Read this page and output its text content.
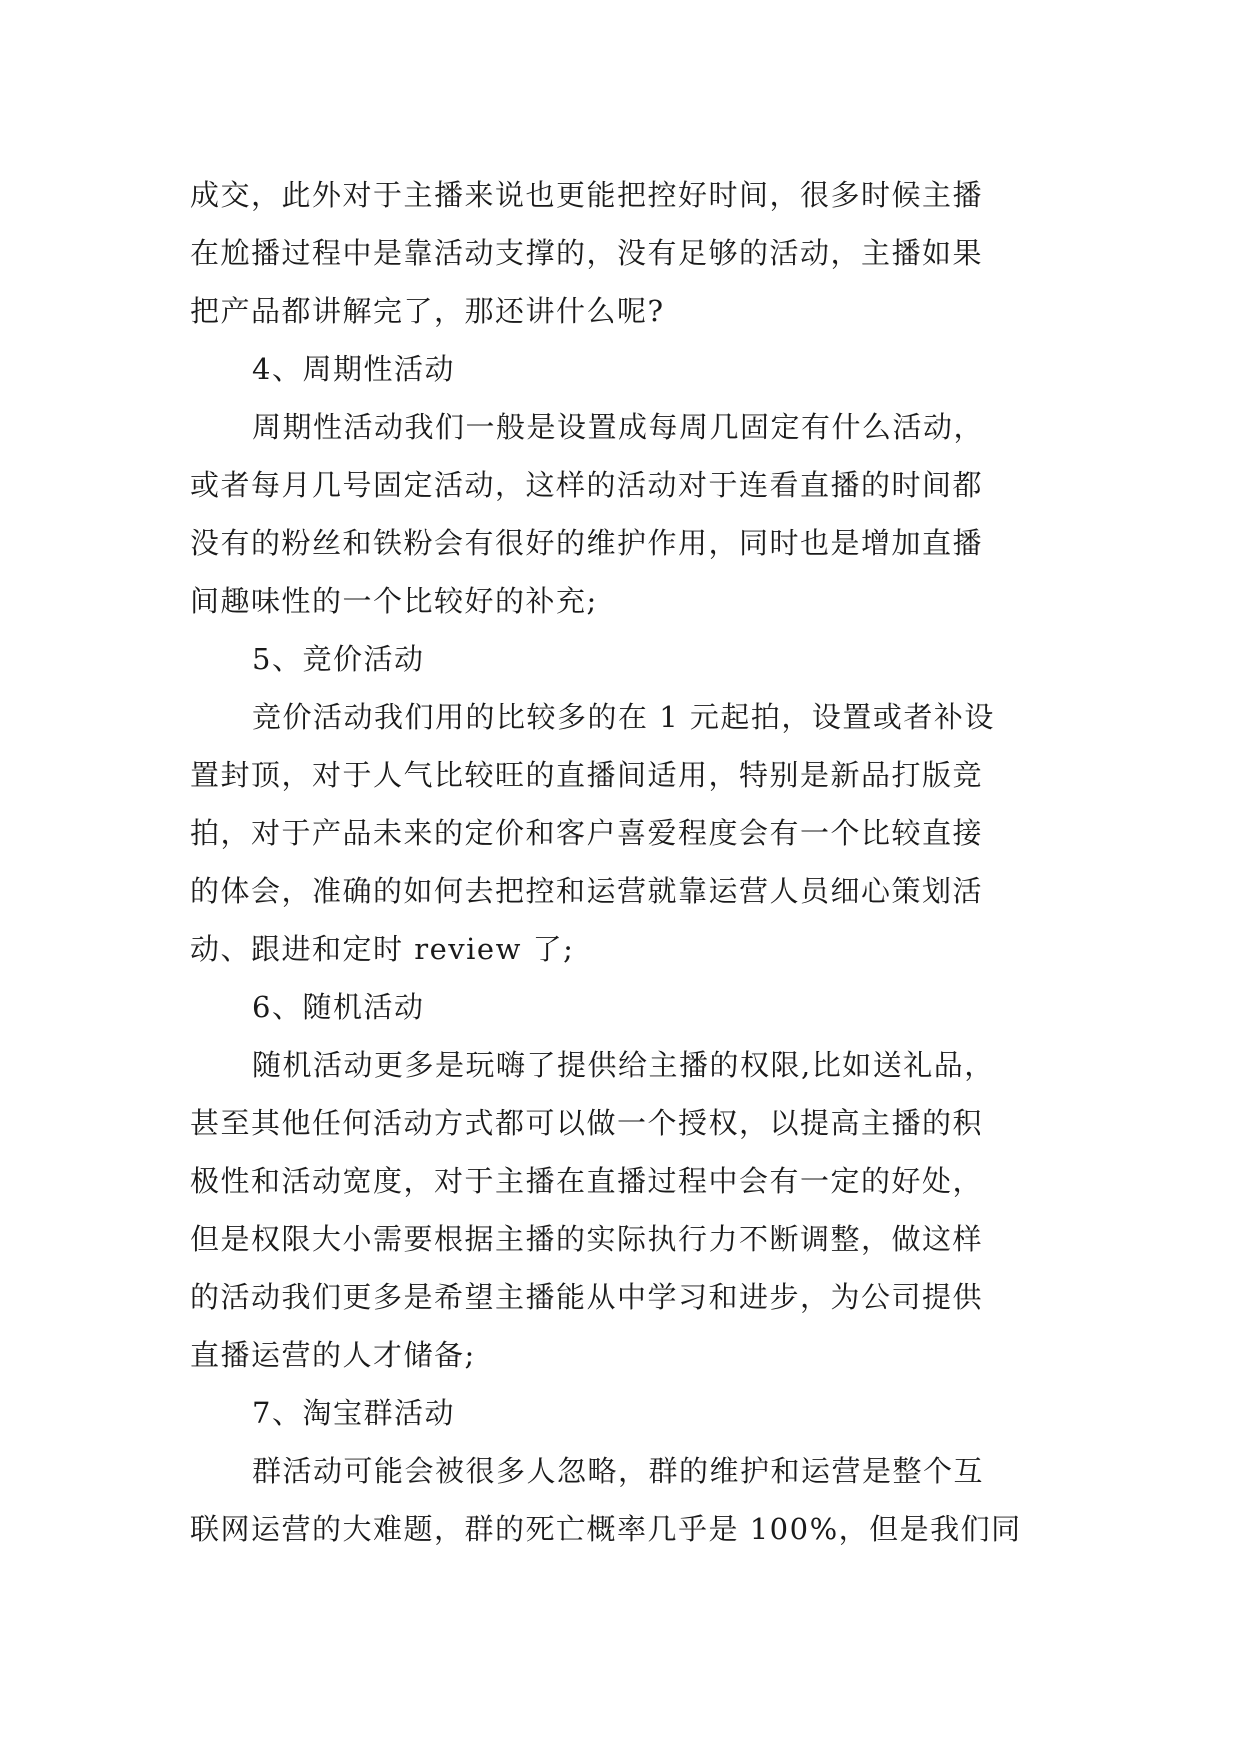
成交，此外对于主播来说也更能把控好时间，很多时候主播
在尬播过程中是靠活动支撑的，没有足够的活动，主播如果
把产品都讲解完了，那还讲什么呢?
4、周期性活动
周期性活动我们一般是设置成每周几固定有什么活动，
或者每月几号固定活动，这样的活动对于连看直播的时间都
没有的粉丝和铁粉会有很好的维护作用，同时也是增加直播
间趣味性的一个比较好的补充;
5、竞价活动
竞价活动我们用的比较多的在 1 元起拍，设置或者补设
置封顶，对于人气比较旺的直播间适用，特别是新品打版竞
拍，对于产品未来的定价和客户喜爱程度会有一个比较直接
的体会，准确的如何去把控和运营就靠运营人员细心策划活
动、跟进和定时 review 了;
6、随机活动
随机活动更多是玩嗨了提供给主播的权限,比如送礼品，
甚至其他任何活动方式都可以做一个授权，以提高主播的积
极性和活动宽度，对于主播在直播过程中会有一定的好处，
但是权限大小需要根据主播的实际执行力不断调整，做这样
的活动我们更多是希望主播能从中学习和进步，为公司提供
直播运营的人才储备;
7、淘宝群活动
群活动可能会被很多人忽略，群的维护和运营是整个互
联网运营的大难题，群的死亡概率几乎是 100%，但是我们同
